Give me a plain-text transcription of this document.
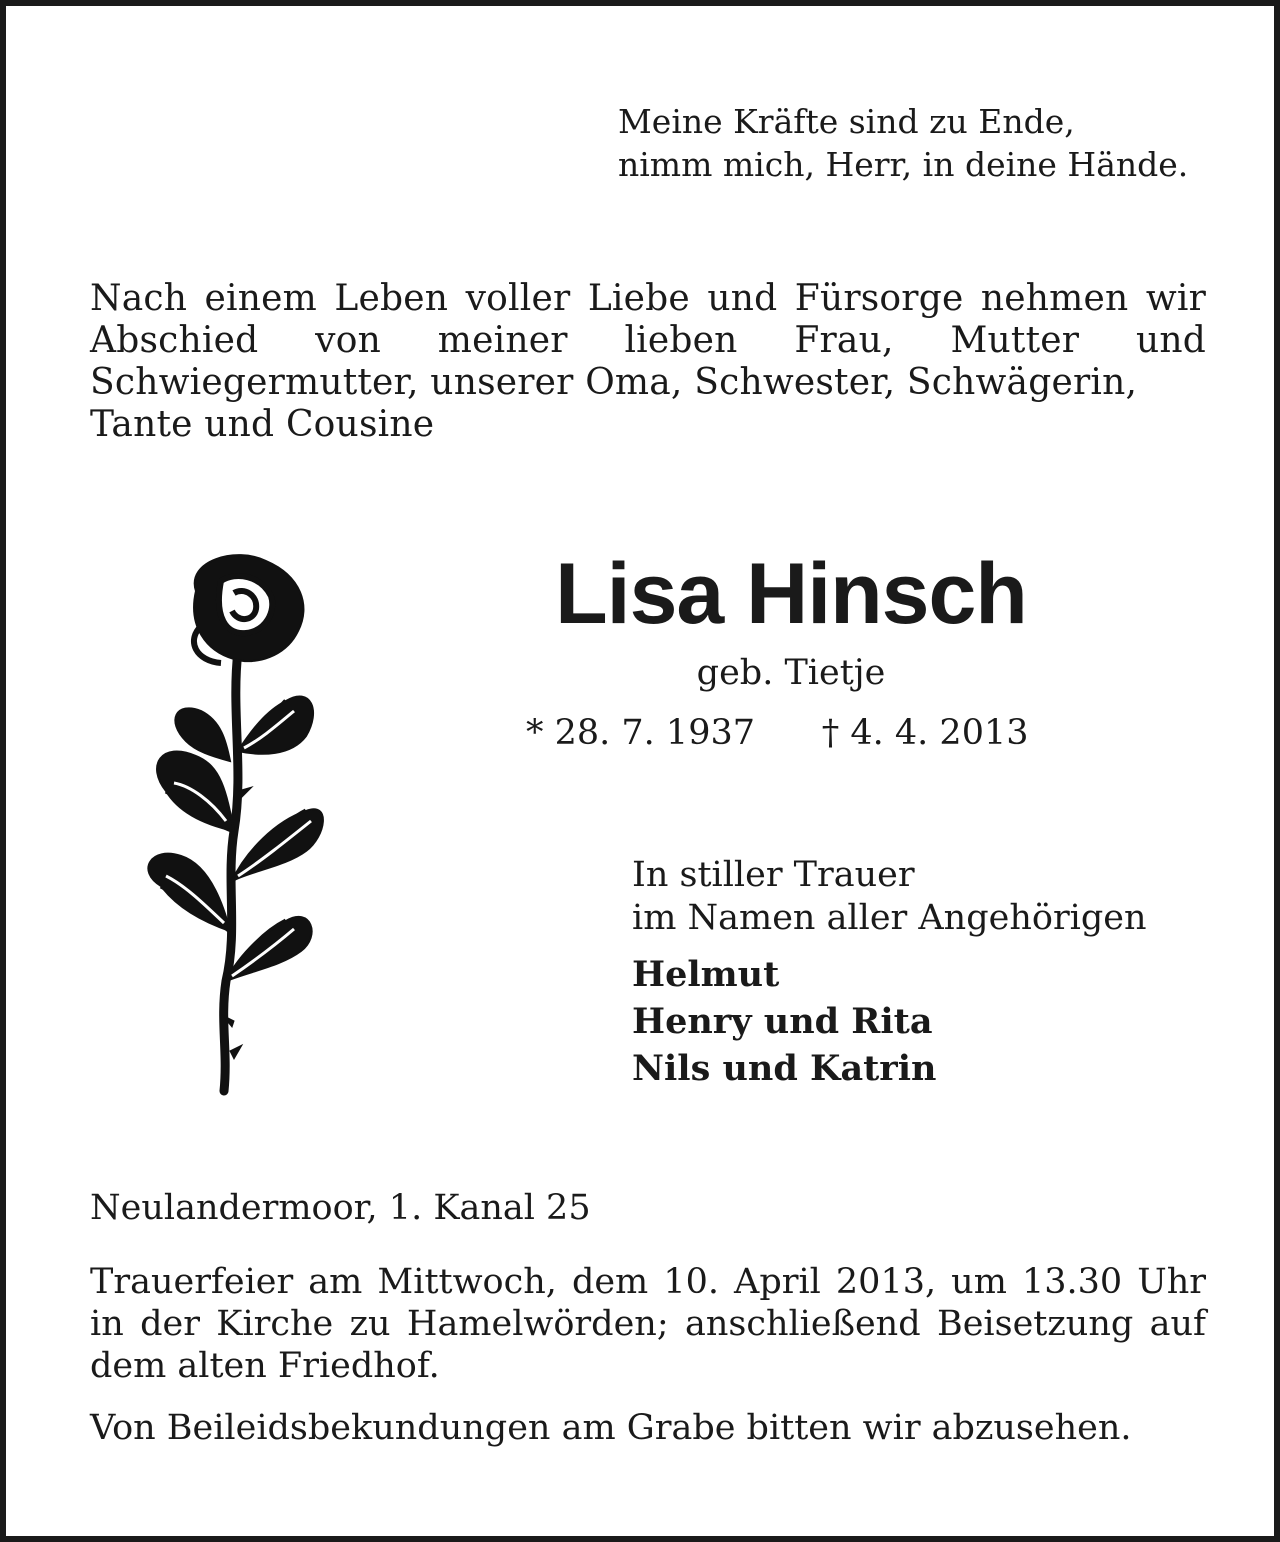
Meine Kräfte sind zu Ende,
nimm mich, Herr, in deine Hände.
Nach einem Leben voller Liebe und Fürsorge nehmen wir Abschied von meiner lieben Frau, Mutter und Schwiegermutter, unserer Oma, Schwester, Schwägerin,
Tante und Cousine
Lisa Hinsch
geb. Tietje
* 28. 7. 1937      † 4. 4. 2013
In stiller Trauer
im Namen aller Angehörigen
Helmut
Henry und Rita
Nils und Katrin
Neulandermoor, 1. Kanal 25
Trauerfeier am Mittwoch, dem 10. April 2013, um 13.30 Uhr in der Kirche zu Hamelwörden; anschließend Beisetzung auf dem alten Friedhof.
Von Beileidsbekundungen am Grabe bitten wir abzusehen.
